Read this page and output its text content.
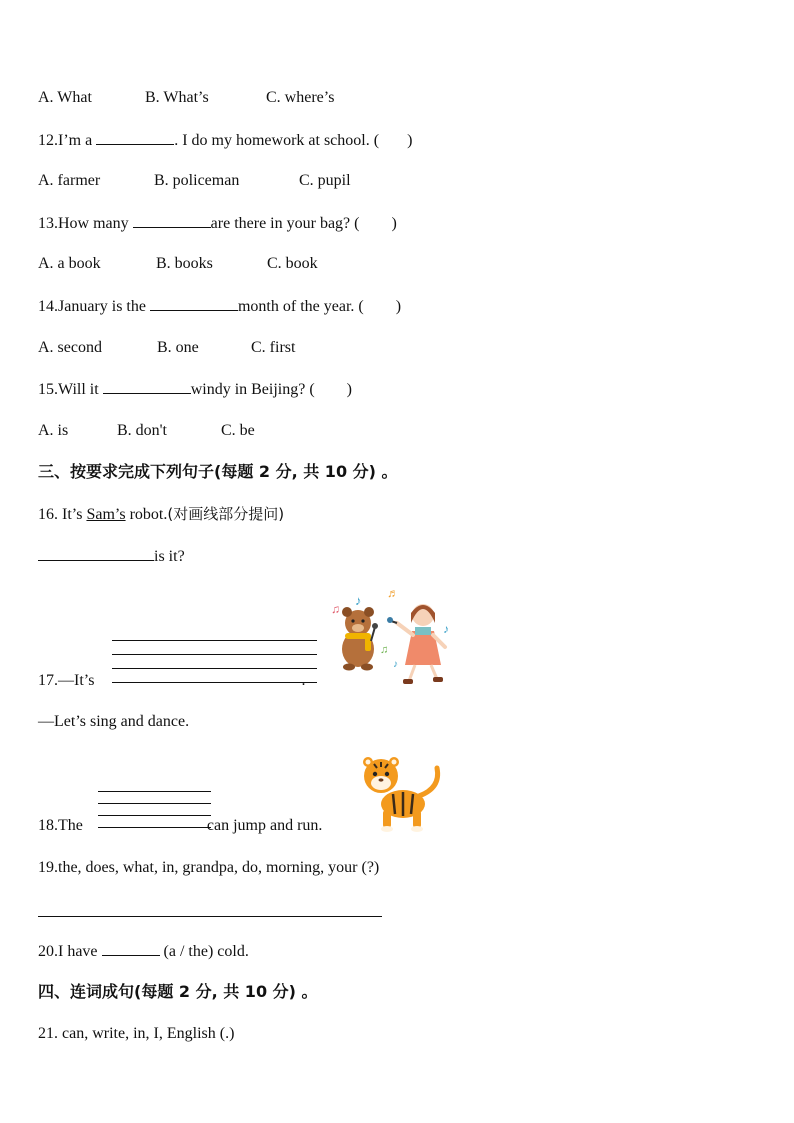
A. What	B. What’s	C. where’s
12.I’m a	. I do my homework at school. ( )
A. farmer	B. policeman	C. pupil
13.How many	are there in your bag? ( )
A. a book	B. books	C. book
14.January is the	month of the year. ( )
A. second	B. one	C. first
15.Will it	windy in Beijing? ( )
A. is	B. don't	C. be
三、按要求完成下列句子(每题 2 分, 共 10 分) 。
16. It’s Sam’s robot.(对画线部分提问)
is it?
17.—It’s	.
—Let’s sing and dance.
♫
♪ ♬
♪
♫
♪
18.The	can jump and run.
19.the, does, what, in, grandpa, do, morning, your (?)
20.I have	(a / the) cold.
四、连词成句(每题 2 分, 共 10 分) 。
21. can, write, in, I, English (.)
